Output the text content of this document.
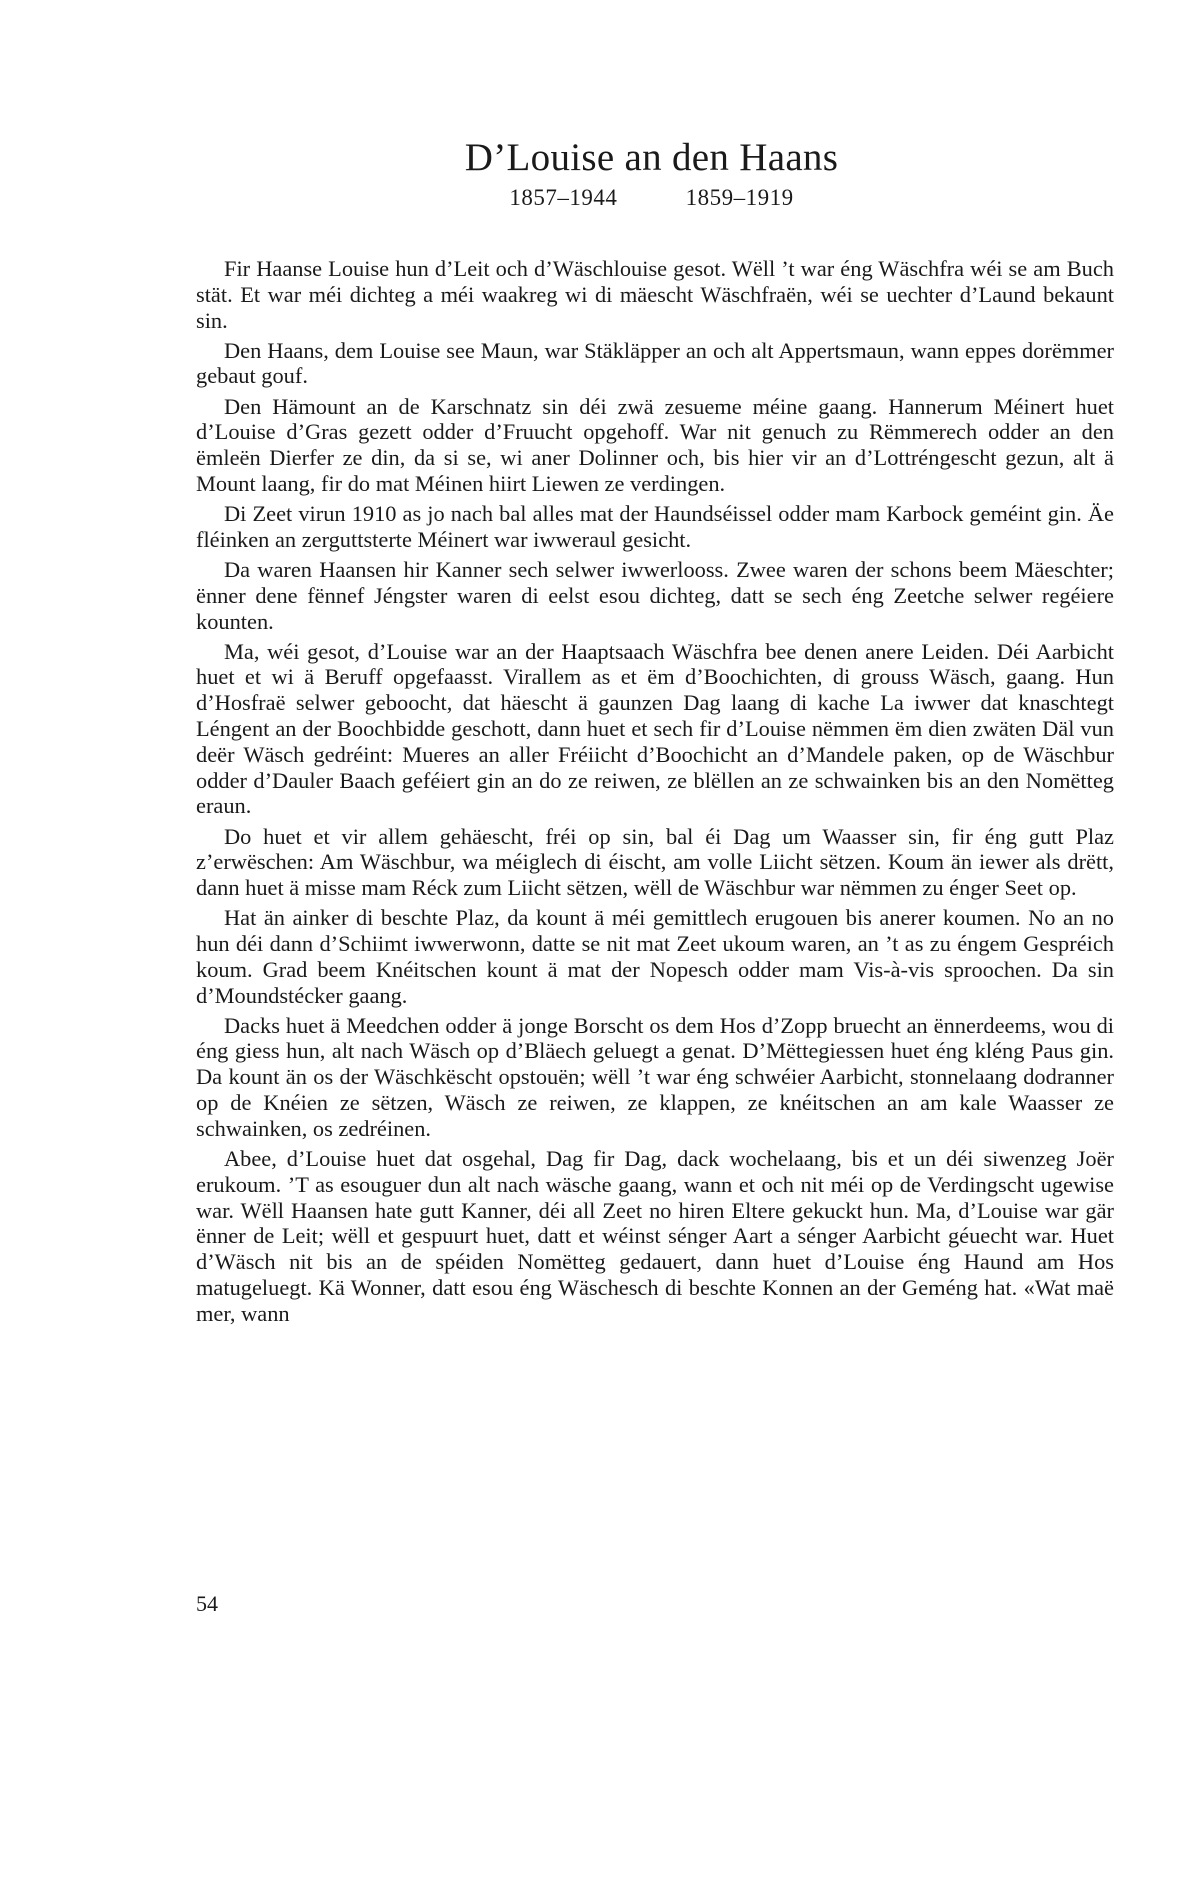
D’Louise an den Haans
1857–1944	1859–1919

Fir Haanse Louise hun d’Leit och d’Wäschlouise gesot. Wëll ’t war éng Wäschfra wéi se am Buch stät. Et war méi dichteg a méi waakreg wi di mäescht Wäschfraën, wéi se uechter d’Laund bekaunt sin.

Den Haans, dem Louise see Maun, war Stäkläpper an och alt Appertsmaun, wann eppes dorëmmer gebaut gouf.

Den Hämount an de Karschnatz sin déi zwä zesueme méine gaang. Hannerum Méinert huet d’Louise d’Gras gezett odder d’Fruucht opgehoff. War nit genuch zu Rëmmerech odder an den ëmleën Dierfer ze din, da si se, wi aner Dolinner och, bis hier vir an d’Lottréngescht gezun, alt ä Mount laang, fir do mat Méinen hiirt Liewen ze verdingen.

Di Zeet virun 1910 as jo nach bal alles mat der Haundséissel odder mam Karbock geméint gin. Äe fléinken an zerguttsterte Méinert war iwweraul gesicht.

Da waren Haansen hir Kanner sech selwer iwwerlooss. Zwee waren der schons beem Mäeschter; ënner dene fënnef Jéngster waren di eelst esou dichteg, datt se sech éng Zeetche selwer regéiere kounten.

Ma, wéi gesot, d’Louise war an der Haaptsaach Wäschfra bee denen anere Leiden. Déi Aarbicht huet et wi ä Beruff opgefaasst. Virallem as et ëm d’Boochichten, di grouss Wäsch, gaang. Hun d’Hosfraë selwer geboocht, dat häescht ä gaunzen Dag laang di kache La iwwer dat knaschtegt Léngent an der Boochbidde geschott, dann huet et sech fir d’Louise nëmmen ëm dien zwäten Däl vun deër Wäsch gedréint: Mueres an aller Fréiicht d’Boochicht an d’Mandele paken, op de Wäschbur odder d’Dauler Baach geféiert gin an do ze reiwen, ze blëllen an ze schwainken bis an den Nomëtteg eraun.

Do huet et vir allem gehäescht, fréi op sin, bal éi Dag um Waasser sin, fir éng gutt Plaz z’erwëschen: Am Wäschbur, wa méiglech di éischt, am volle Liicht sëtzen. Koum än iewer als drëtt, dann huet ä misse mam Réck zum Liicht sëtzen, wëll de Wäschbur war nëmmen zu énger Seet op.

Hat än ainker di beschte Plaz, da kount ä méi gemittlech erugouen bis anerer koumen. No an no hun déi dann d’Schiimt iwwerwonn, datte se nit mat Zeet ukoum waren, an ’t as zu éngem Gespréich koum. Grad beem Knéitschen kount ä mat der Nopesch odder mam Vis-à-vis sproochen. Da sin d’Moundstécker gaang.

Dacks huet ä Meedchen odder ä jonge Borscht os dem Hos d’Zopp bruecht an ënnerdeems, wou di éng giess hun, alt nach Wäsch op d’Bläech geluegt a genat. D’Mëttegiessen huet éng kléng Paus gin. Da kount än os der Wäschkëscht opstouën; wëll ’t war éng schwéier Aarbicht, stonnelaang dodranner op de Knéien ze sëtzen, Wäsch ze reiwen, ze klappen, ze knéitschen an am kale Waasser ze schwainken, os zedréinen.

Abee, d’Louise huet dat osgehal, Dag fir Dag, dack wochelaang, bis et un déi siwenzeg Joër erukoum. ’T as esouguer dun alt nach wäsche gaang, wann et och nit méi op de Verdingscht ugewise war. Wëll Haansen hate gutt Kanner, déi all Zeet no hiren Eltere gekuckt hun. Ma, d’Louise war gär ënner de Leit; wëll et gespuurt huet, datt et wéinst sénger Aart a sénger Aarbicht géuecht war. Huet d’Wäsch nit bis an de spéiden Nomëtteg gedauert, dann huet d’Louise éng Haund am Hos matugeluegt. Kä Wonner, datt esou éng Wäschesch di beschte Konnen an der Geméng hat. «Wat maë mer, wann

54
